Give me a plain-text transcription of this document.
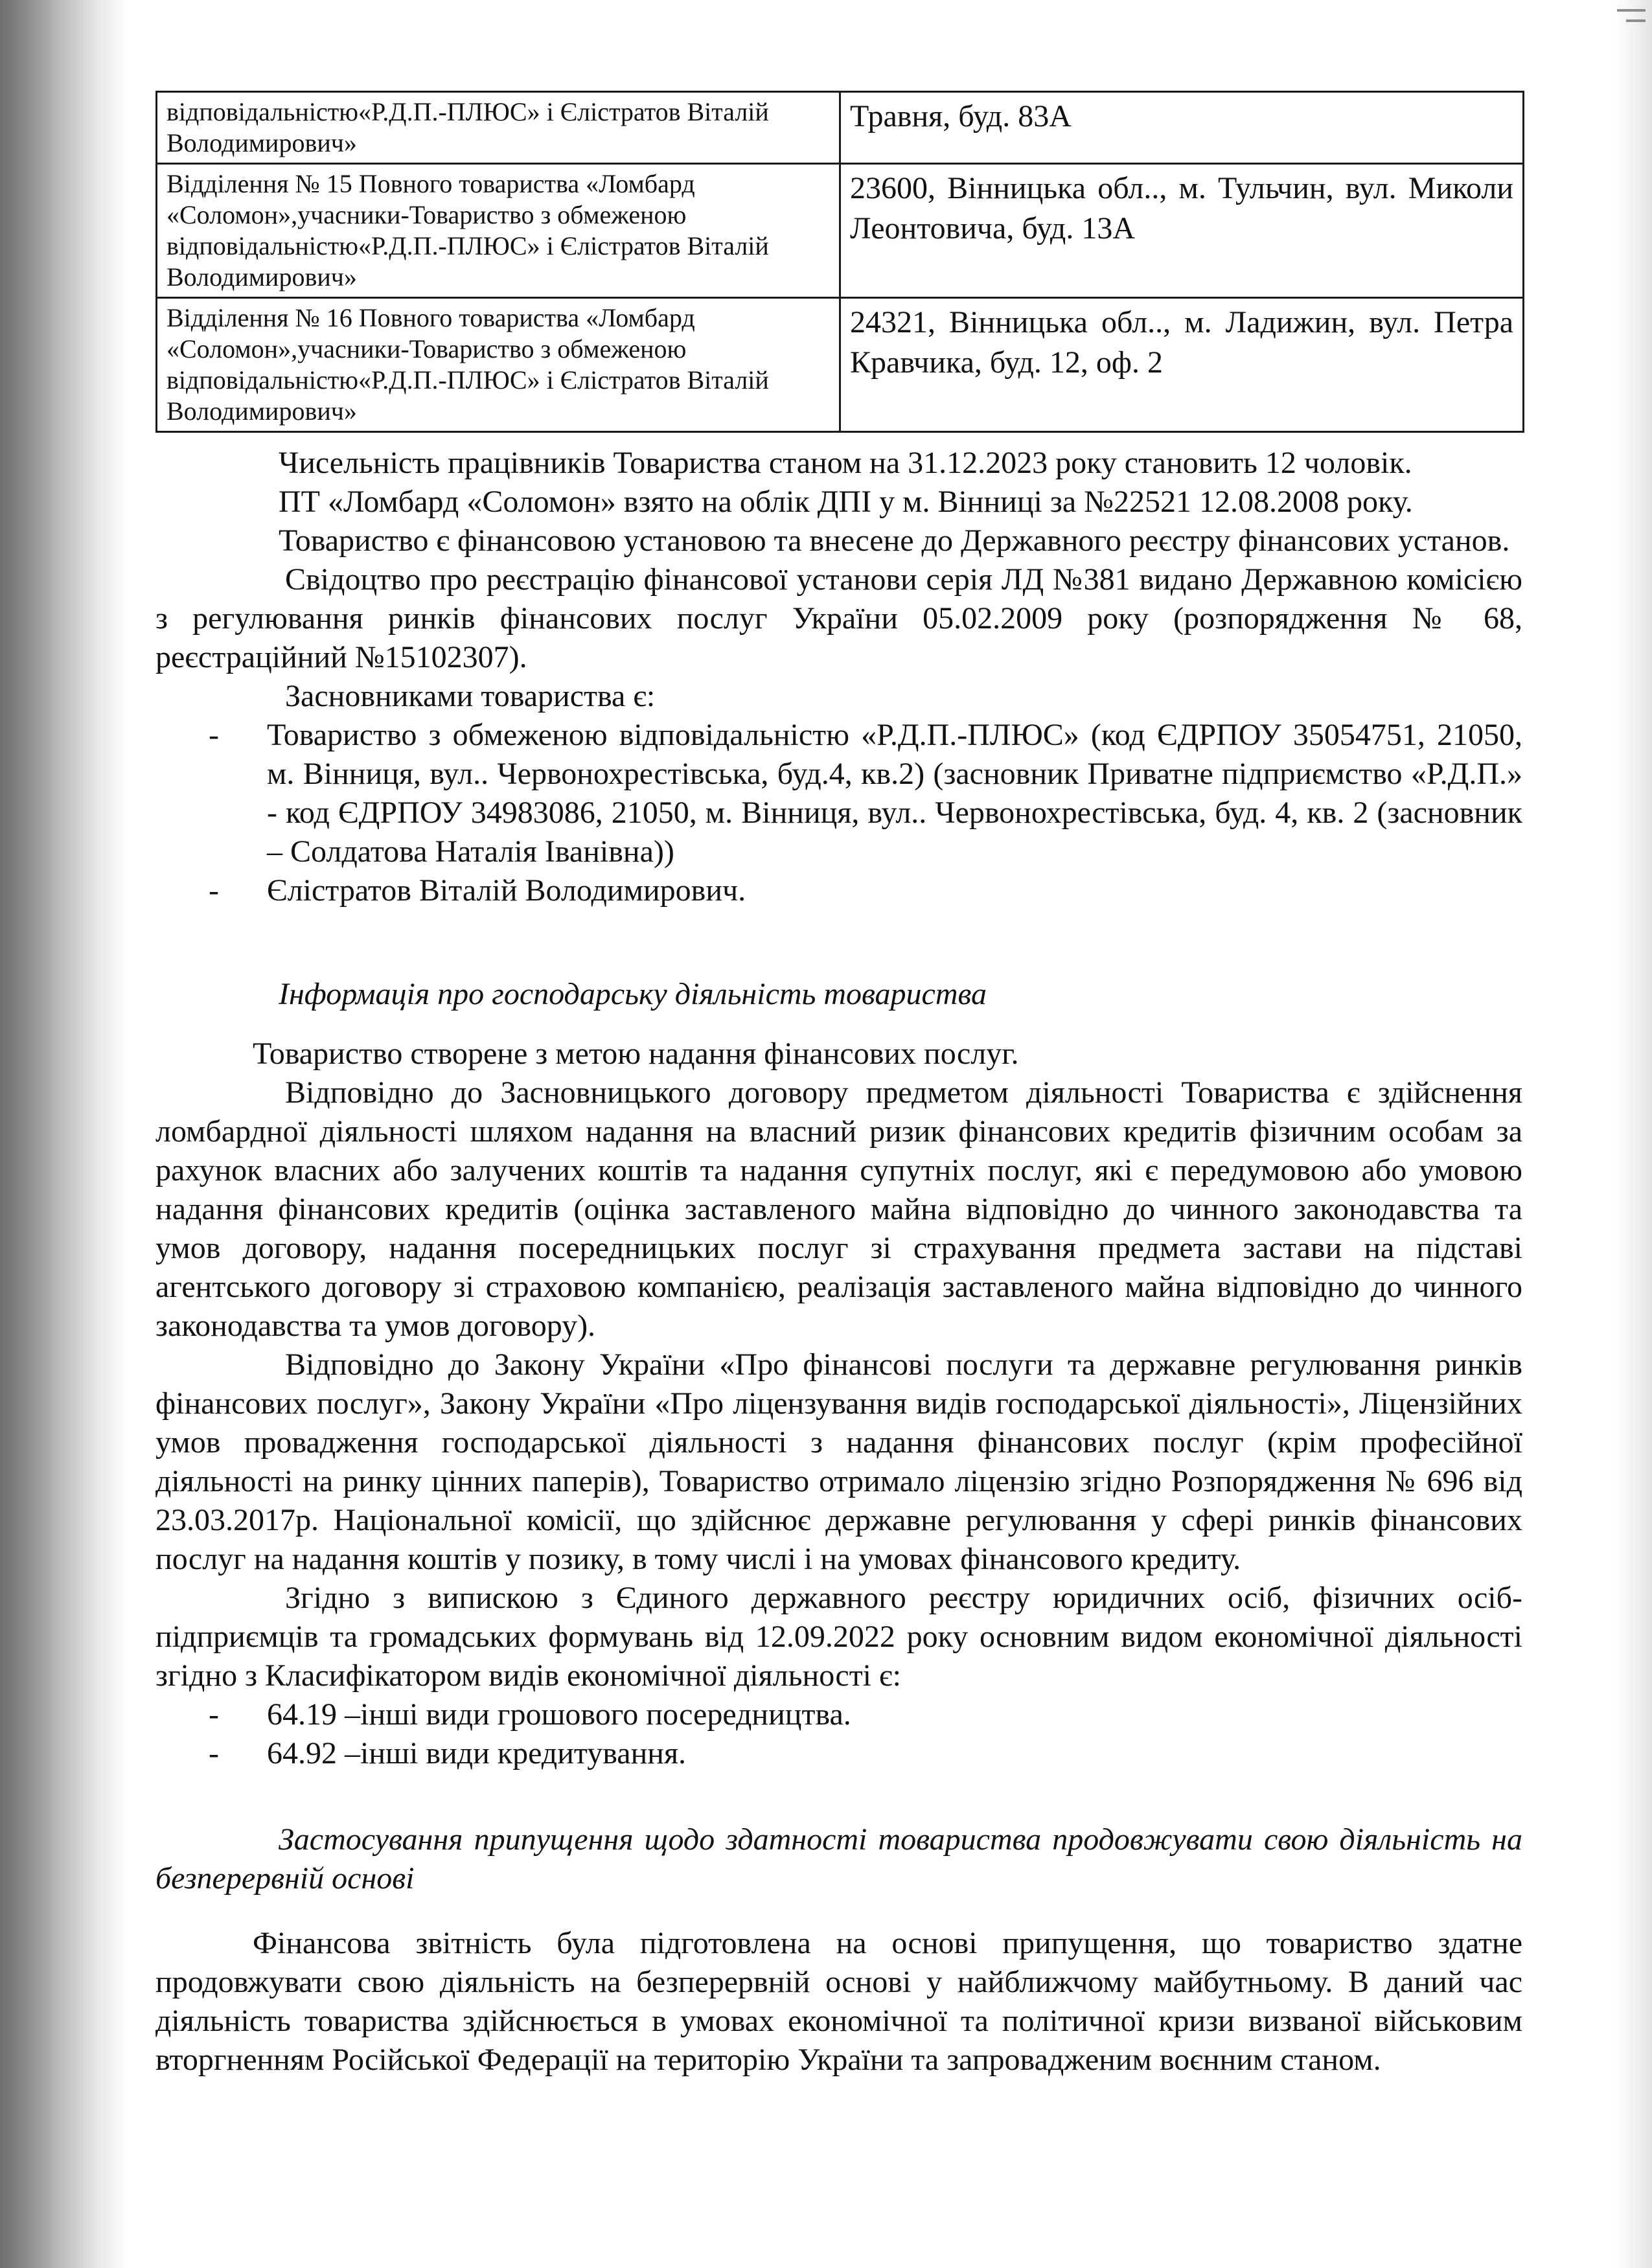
відповідальністю«Р.Д.П.-ПЛЮС» і Єлістратов Віталій Володимирович»	Травня, буд. 83А
Відділення № 15 Повного товариства «Ломбард «Соломон»,учасники-Товариство з обмеженою відповідальністю«Р.Д.П.-ПЛЮС» і Єлістратов Віталій Володимирович»	23600, Вінницька обл.., м. Тульчин, вул. Миколи Леонтовича, буд. 13А
Відділення № 16 Повного товариства «Ломбард «Соломон»,учасники-Товариство з обмеженою відповідальністю«Р.Д.П.-ПЛЮС» і Єлістратов Віталій Володимирович»	24321, Вінницька обл.., м. Ладижин, вул. Петра Кравчика, буд. 12, оф. 2

Чисельність працівників Товариства станом на 31.12.2023 року становить 12 чоловік.

ПТ «Ломбард «Соломон» взято на облік ДПІ у м. Вінниці за №22521 12.08.2008 року.

Товариство є фінансовою установою та внесене до Державного реєстру фінансових установ.

Свідоцтво про реєстрацію фінансової установи серія ЛД №381 видано Державною комісією з регулювання ринків фінансових послуг України 05.02.2009 року (розпорядження № 68, реєстраційний №15102307).

Засновниками товариства є:

- Товариство з обмеженою відповідальністю «Р.Д.П.-ПЛЮС» (код ЄДРПОУ 35054751, 21050, м. Вінниця, вул.. Червонохрестівська, буд.4, кв.2) (засновник Приватне підприємство «Р.Д.П.» - код ЄДРПОУ 34983086, 21050, м. Вінниця, вул.. Червонохрестівська, буд. 4, кв. 2 (засновник – Солдатова Наталія Іванівна))
- Єлістратов Віталій Володимирович.

Інформація про господарську діяльність товариства

Товариство створене з метою надання фінансових послуг.

Відповідно до Засновницького договору предметом діяльності Товариства є здійснення ломбардної діяльності шляхом надання на власний ризик фінансових кредитів фізичним особам за рахунок власних або залучених коштів та надання супутніх послуг, які є передумовою або умовою надання фінансових кредитів (оцінка заставленого майна відповідно до чинного законодавства та умов договору, надання посередницьких послуг зі страхування предмета застави на підставі агентського договору зі страховою компанією, реалізація заставленого майна відповідно до чинного законодавства та умов договору).

Відповідно до Закону України «Про фінансові послуги та державне регулювання ринків фінансових послуг», Закону України «Про ліцензування видів господарської діяльності», Ліцензійних умов провадження господарської діяльності з надання фінансових послуг (крім професійної діяльності на ринку цінних паперів), Товариство отримало ліцензію згідно Розпорядження № 696 від 23.03.2017р. Національної комісії, що здійснює державне регулювання у сфері ринків фінансових послуг на надання коштів у позику, в тому числі і на умовах фінансового кредиту.

Згідно з випискою з Єдиного державного реєстру юридичних осіб, фізичних осіб-підприємців та громадських формувань від 12.09.2022 року основним видом економічної діяльності згідно з Класифікатором видів економічної діяльності є:

- 64.19 –інші види грошового посередництва.
- 64.92 –інші види кредитування.

Застосування припущення щодо здатності товариства продовжувати свою діяльність на безперервній основі

Фінансова звітність була підготовлена на основі припущення, що товариство здатне продовжувати свою діяльність на безперервній основі у найближчому майбутньому. В даний час діяльність товариства здійснюється в умовах економічної та політичної кризи визваної військовим вторгненням Російської Федерації на територію України та запровадженим воєнним станом.
